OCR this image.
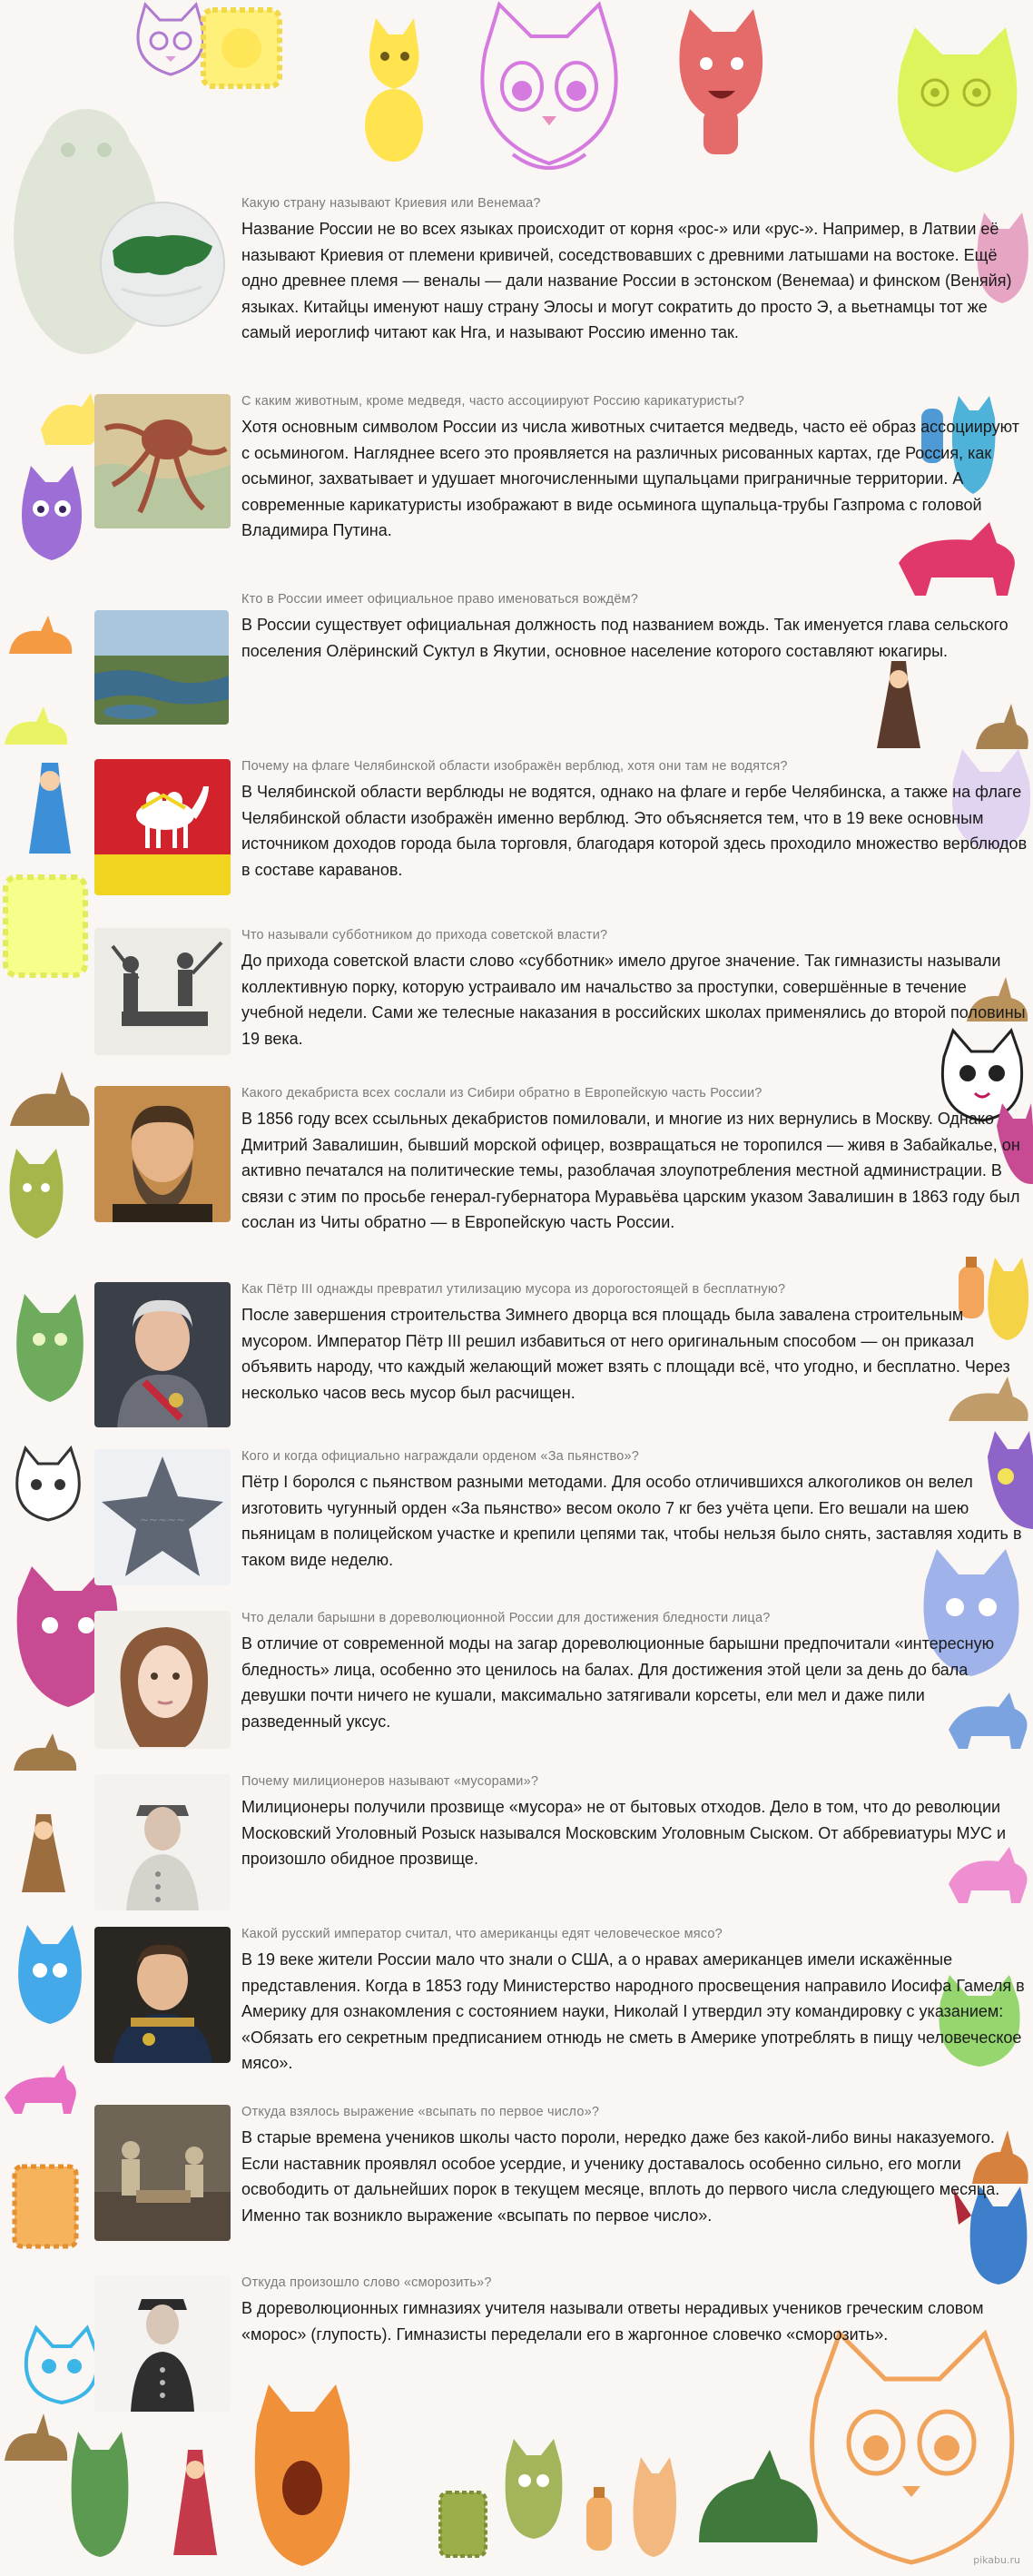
Какую страну называют Криевия или Венемаа?

Название России не во всех языках происходит от корня «рос-» или «рус-». Например, в Латвии её называют Криевия от племени кривичей, соседствовавших с древними латышами на востоке. Ещё одно древнее племя — веналы — дали название России в эстонском (Венемаа) и финском (Веняйя) языках. Китайцы именуют нашу страну Элосы и могут сократить до просто Э, а вьетнамцы тот же самый иероглиф читают как Нга, и называют Россию именно так.

С каким животным, кроме медведя, часто ассоциируют Россию карикатуристы?

Хотя основным символом России из числа животных считается медведь, часто её образ ассоциируют с осьминогом. Нагляднее всего это проявляется на различных рисованных картах, где Россия, как осьминог, захватывает и удушает многочисленными щупальцами приграничные территории. А современные карикатуристы изображают в виде осьминога щупальца-трубы Газпрома с головой Владимира Путина.

Кто в России имеет официальное право именоваться вождём?

В России существует официальная должность под названием вождь. Так именуется глава сельского поселения Олёринский Суктул в Якутии, основное население которого составляют юкагиры.

Почему на флаге Челябинской области изображён верблюд, хотя они там не водятся?

В Челябинской области верблюды не водятся, однако на флаге и гербе Челябинска, а также на флаге Челябинской области изображён именно верблюд. Это объясняется тем, что в 19 веке основным источником доходов города была торговля, благодаря которой здесь проходило множество верблюдов в составе караванов.

Что называли субботником до прихода советской власти?

До прихода советской власти слово «субботник» имело другое значение. Так гимназисты называли коллективную порку, которую устраивало им начальство за проступки, совершённые в течение учебной недели. Сами же телесные наказания в российских школах применялись до второй половины 19 века.

Какого декабриста всех сослали из Сибири обратно в Европейскую часть России?

В 1856 году всех ссыльных декабристов помиловали, и многие из них вернулись в Москву. Однако Дмитрий Завалишин, бывший морской офицер, возвращаться не торопился — живя в Забайкалье, он активно печатался на политические темы, разоблачая злоупотребления местной администрации. В связи с этим по просьбе генерал-губернатора Муравьёва царским указом Завалишин в 1863 году был сослан из Читы обратно — в Европейскую часть России.

Как Пётр III однажды превратил утилизацию мусора из дорогостоящей в бесплатную?

После завершения строительства Зимнего дворца вся площадь была завалена строительным мусором. Император Пётр III решил избавиться от него оригинальным способом — он приказал объявить народу, что каждый желающий может взять с площади всё, что угодно, и бесплатно. Через несколько часов весь мусор был расчищен.

~~~~~
Кого и когда официально награждали орденом «За пьянство»?

Пётр I боролся с пьянством разными методами. Для особо отличившихся алкоголиков он велел изготовить чугунный орден «За пьянство» весом около 7 кг без учёта цепи. Его вешали на шею пьяницам в полицейском участке и крепили цепями так, чтобы нельзя было снять, заставляя ходить в таком виде неделю.

Что делали барышни в дореволюционной России для достижения бледности лица?

В отличие от современной моды на загар дореволюционные барышни предпочитали «интересную бледность» лица, особенно это ценилось на балах. Для достижения этой цели за день до бала девушки почти ничего не кушали, максимально затягивали корсеты, ели мел и даже пили разведенный уксус.

Почему милиционеров называют «мусорами»?

Милиционеры получили прозвище «мусора» не от бытовых отходов. Дело в том, что до революции Московский Уголовный Розыск назывался Московским Уголовным Сыском. От аббревиатуры МУС и произошло обидное прозвище.

Какой русский император считал, что американцы едят человеческое мясо?

В 19 веке жители России мало что знали о США, а о нравах американцев имели искажённые представления. Когда в 1853 году Министерство народного просвещения направило Иосифа Гамеля в Америку для ознакомления с состоянием науки, Николай I утвердил эту командировку с указанием: «Обязать его секретным предписанием отнюдь не сметь в Америке употреблять в пищу человеческое мясо».

Откуда взялось выражение «всыпать по первое число»?

В старые времена учеников школы часто пороли, нередко даже без какой-либо вины наказуемого. Если наставник проявлял особое усердие, и ученику доставалось особенно сильно, его могли освободить от дальнейших порок в текущем месяце, вплоть до первого числа следующего месяца. Именно так возникло выражение «всыпать по первое число».

Откуда произошло слово «сморозить»?

В дореволюционных гимназиях учителя называли ответы нерадивых учеников греческим словом «морос» (глупость). Гимназисты переделали его в жаргонное словечко «сморозить».

pikabu.ru
